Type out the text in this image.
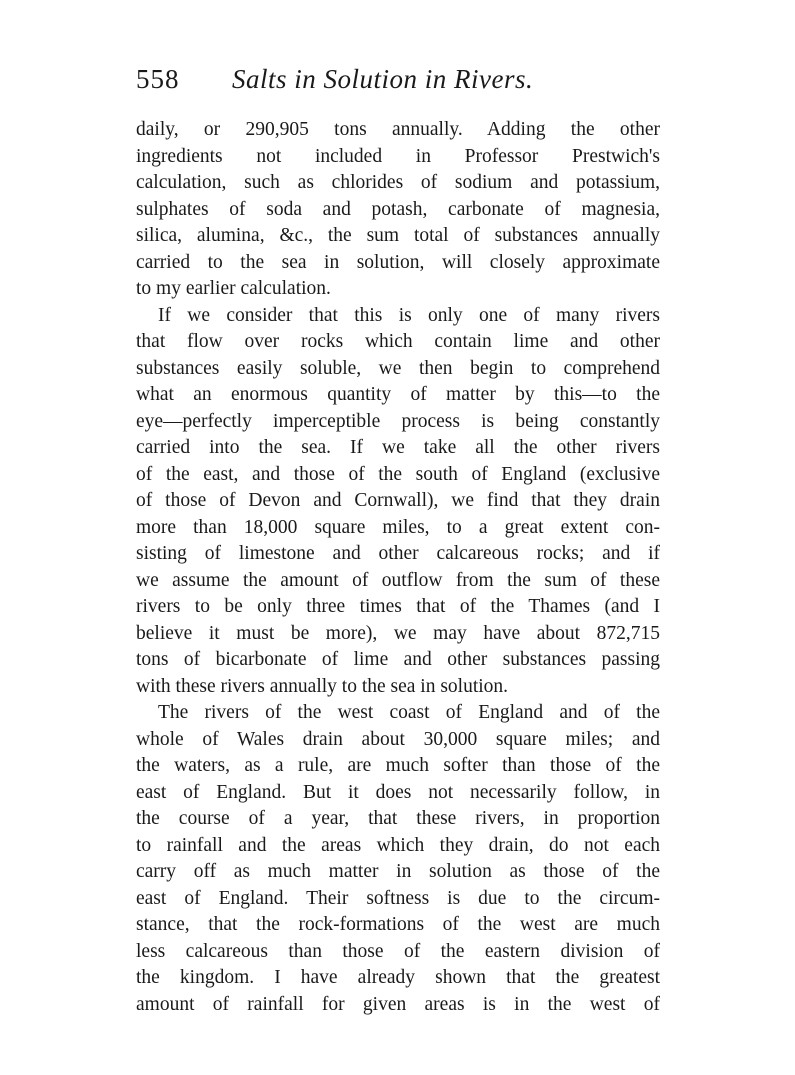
558 Salts in Solution in Rivers.
daily, or 290,905 tons annually. Adding the other
ingredients not included in Professor Prestwich's
calculation, such as chlorides of sodium and potassium,
sulphates of soda and potash, carbonate of magnesia,
silica, alumina, &c., the sum total of substances annually
carried to the sea in solution, will closely approximate
to my earlier calculation.
If we consider that this is only one of many rivers
that flow over rocks which contain lime and other
substances easily soluble, we then begin to comprehend
what an enormous quantity of matter by this—to the
eye—perfectly imperceptible process is being constantly
carried into the sea. If we take all the other rivers
of the east, and those of the south of England (exclusive
of those of Devon and Cornwall), we find that they drain
more than 18,000 square miles, to a great extent con-
sisting of limestone and other calcareous rocks; and if
we assume the amount of outflow from the sum of these
rivers to be only three times that of the Thames (and I
believe it must be more), we may have about 872,715
tons of bicarbonate of lime and other substances passing
with these rivers annually to the sea in solution.
The rivers of the west coast of England and of the
whole of Wales drain about 30,000 square miles; and
the waters, as a rule, are much softer than those of the
east of England. But it does not necessarily follow, in
the course of a year, that these rivers, in proportion
to rainfall and the areas which they drain, do not each
carry off as much matter in solution as those of the
east of England. Their softness is due to the circum-
stance, that the rock-formations of the west are much
less calcareous than those of the eastern division of
the kingdom. I have already shown that the greatest
amount of rainfall for given areas is in the west of
